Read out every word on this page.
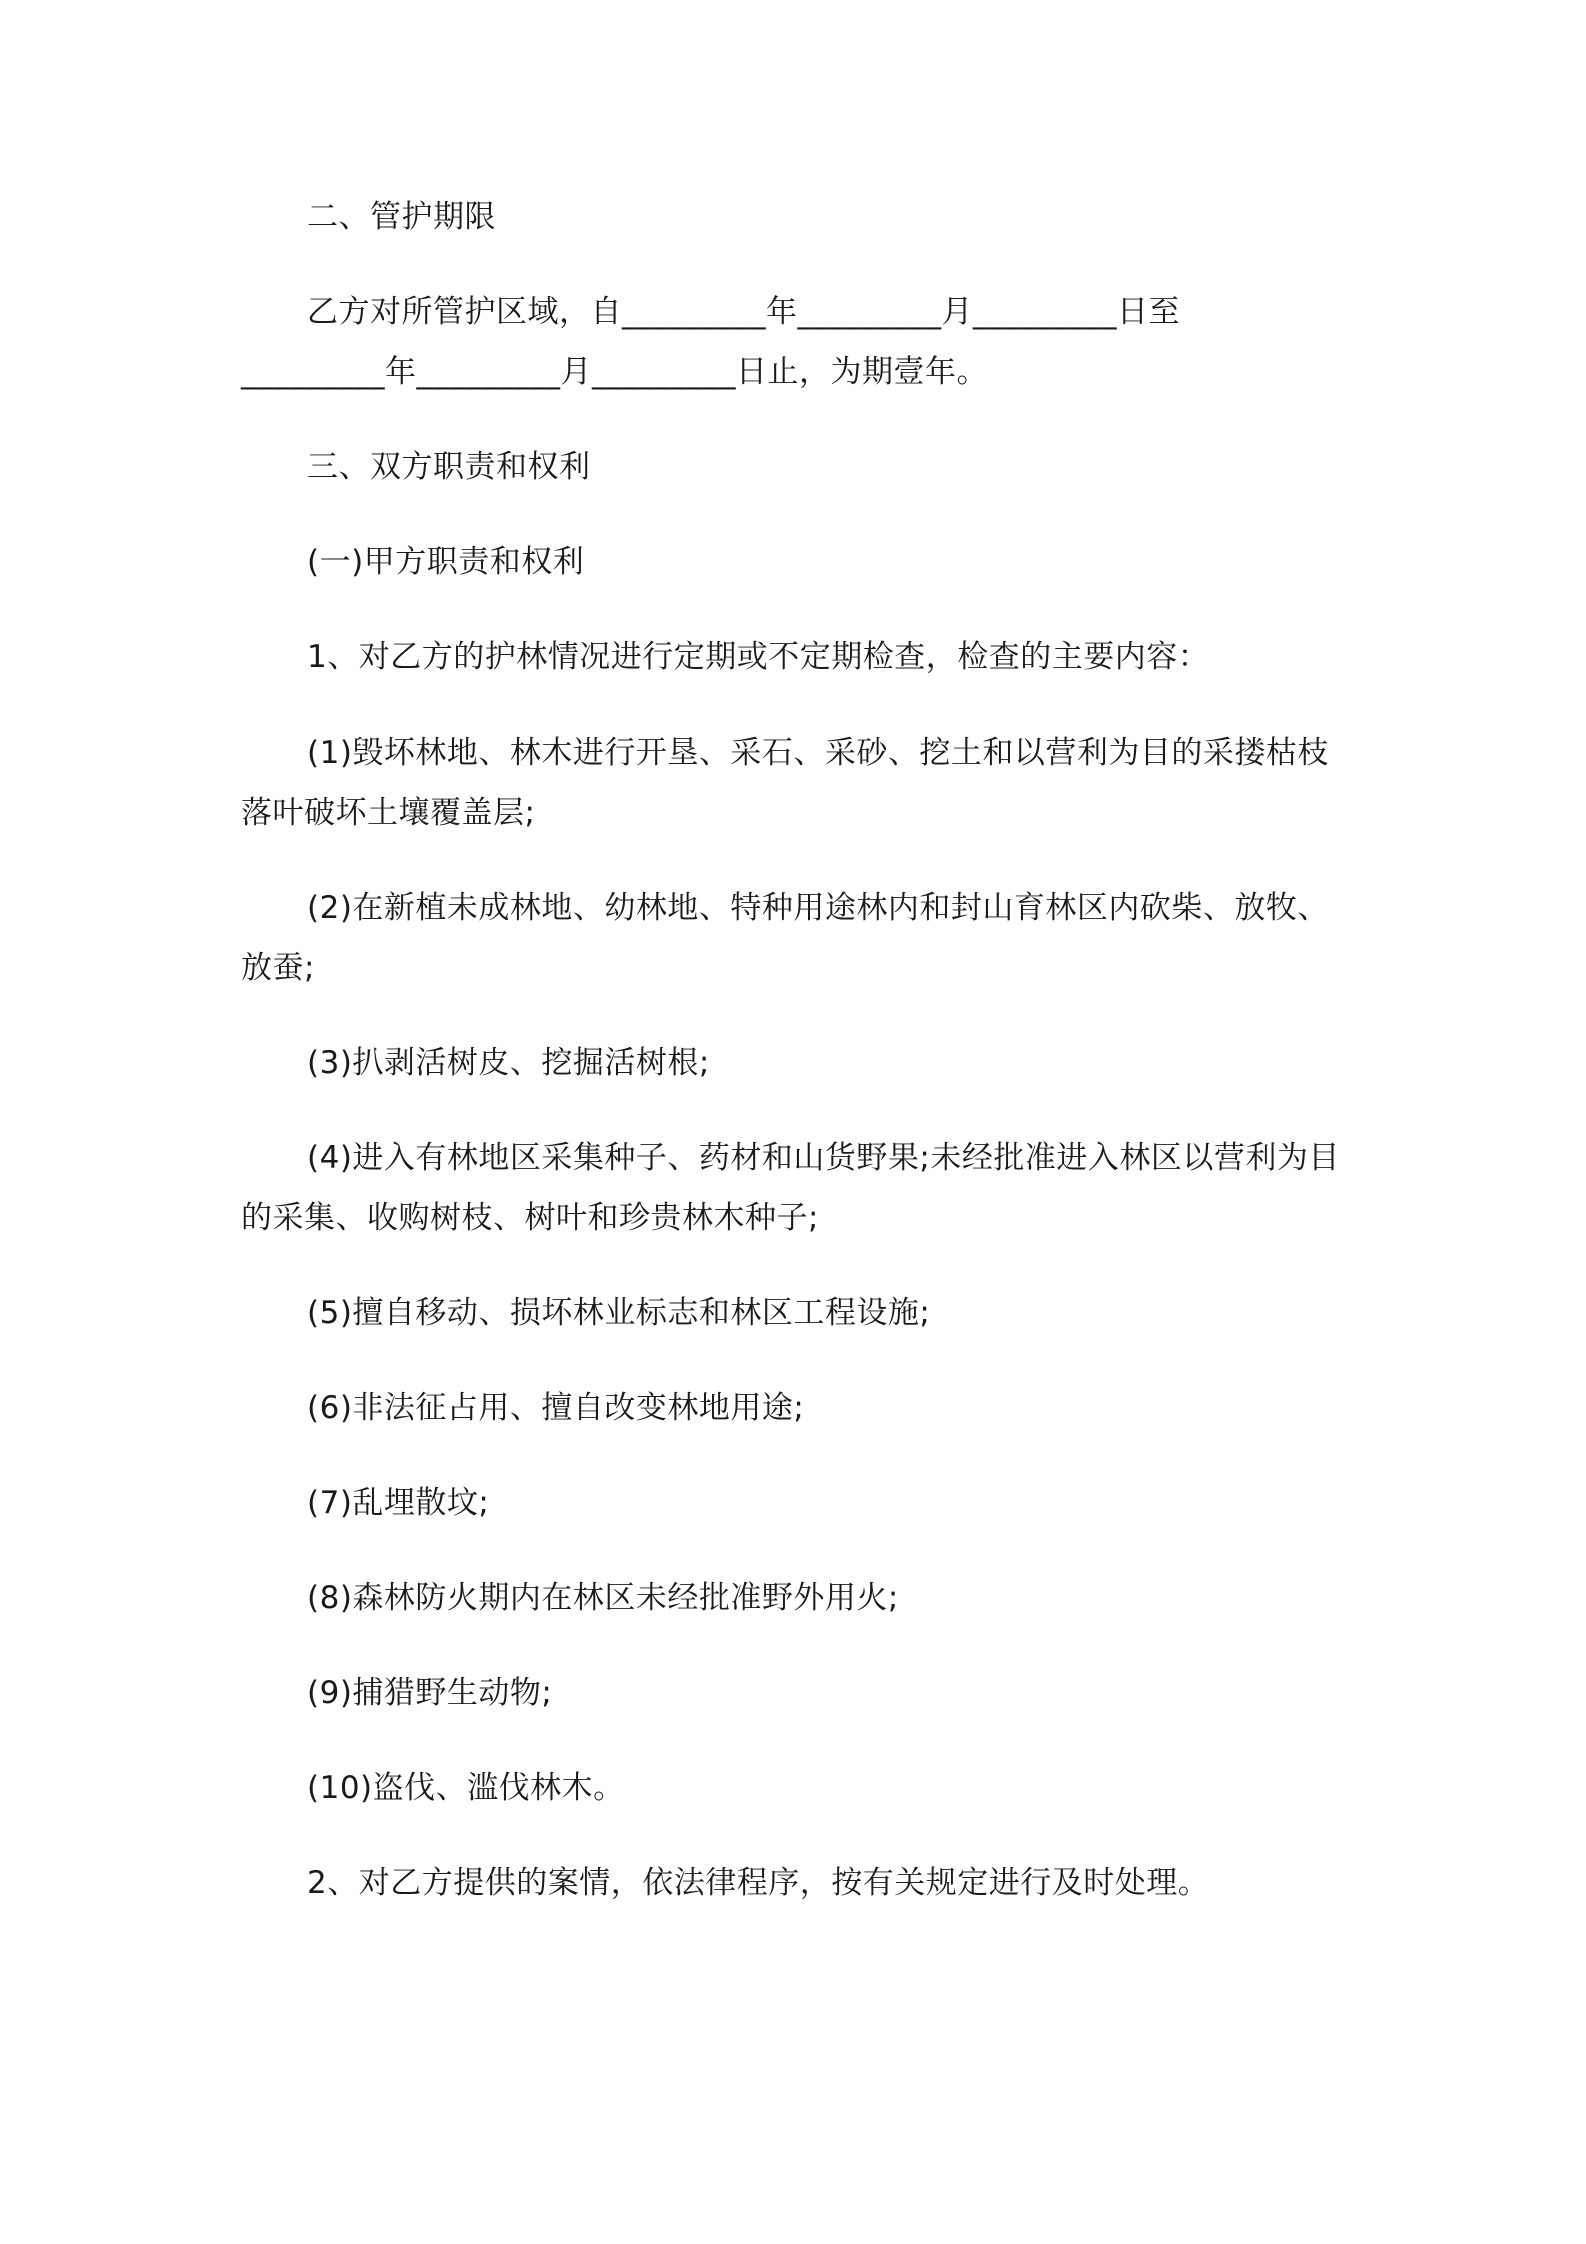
二、管护期限
乙方对所管护区域，自_________年_________月_________日至
_________年_________月_________日止，为期壹年。
三、双方职责和权利
(一)甲方职责和权利
1、对乙方的护林情况进行定期或不定期检查，检查的主要内容：
(1)毁坏林地、林木进行开垦、采石、采砂、挖土和以营利为目的采搂枯枝
落叶破坏土壤覆盖层;
(2)在新植未成林地、幼林地、特种用途林内和封山育林区内砍柴、放牧、
放蚕;
(3)扒剥活树皮、挖掘活树根;
(4)进入有林地区采集种子、药材和山货野果;未经批准进入林区以营利为目
的采集、收购树枝、树叶和珍贵林木种子;
(5)擅自移动、损坏林业标志和林区工程设施;
(6)非法征占用、擅自改变林地用途;
(7)乱埋散坟;
(8)森林防火期内在林区未经批准野外用火;
(9)捕猎野生动物;
(10)盗伐、滥伐林木。
2、对乙方提供的案情，依法律程序，按有关规定进行及时处理。
